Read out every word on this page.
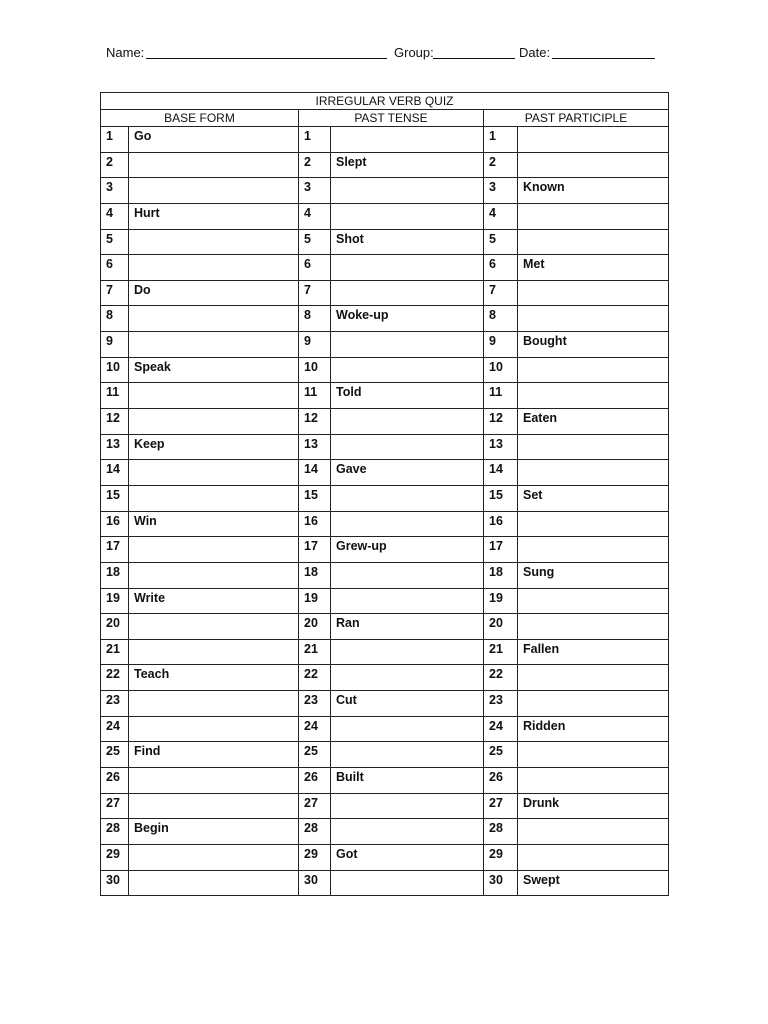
Name:	Group:	Date:
IRREGULAR VERB QUIZ					
BASE FORM		PAST TENSE		PAST PARTICIPLE	
1	Go	1		1	
2		2	Slept	2	
3		3		3	Known
4	Hurt	4		4	
5		5	Shot	5	
6		6		6	Met
7	Do	7		7	
8		8	Woke-up	8	
9		9		9	Bought
10	Speak	10		10	
11		11	Told	11	
12		12		12	Eaten
13	Keep	13		13	
14		14	Gave	14	
15		15		15	Set
16	Win	16		16	
17		17	Grew-up	17	
18		18		18	Sung
19	Write	19		19	
20		20	Ran	20	
21		21		21	Fallen
22	Teach	22		22	
23		23	Cut	23	
24		24		24	Ridden
25	Find	25		25	
26		26	Built	26	
27		27		27	Drunk
28	Begin	28		28	
29		29	Got	29	
30		30		30	Swept
